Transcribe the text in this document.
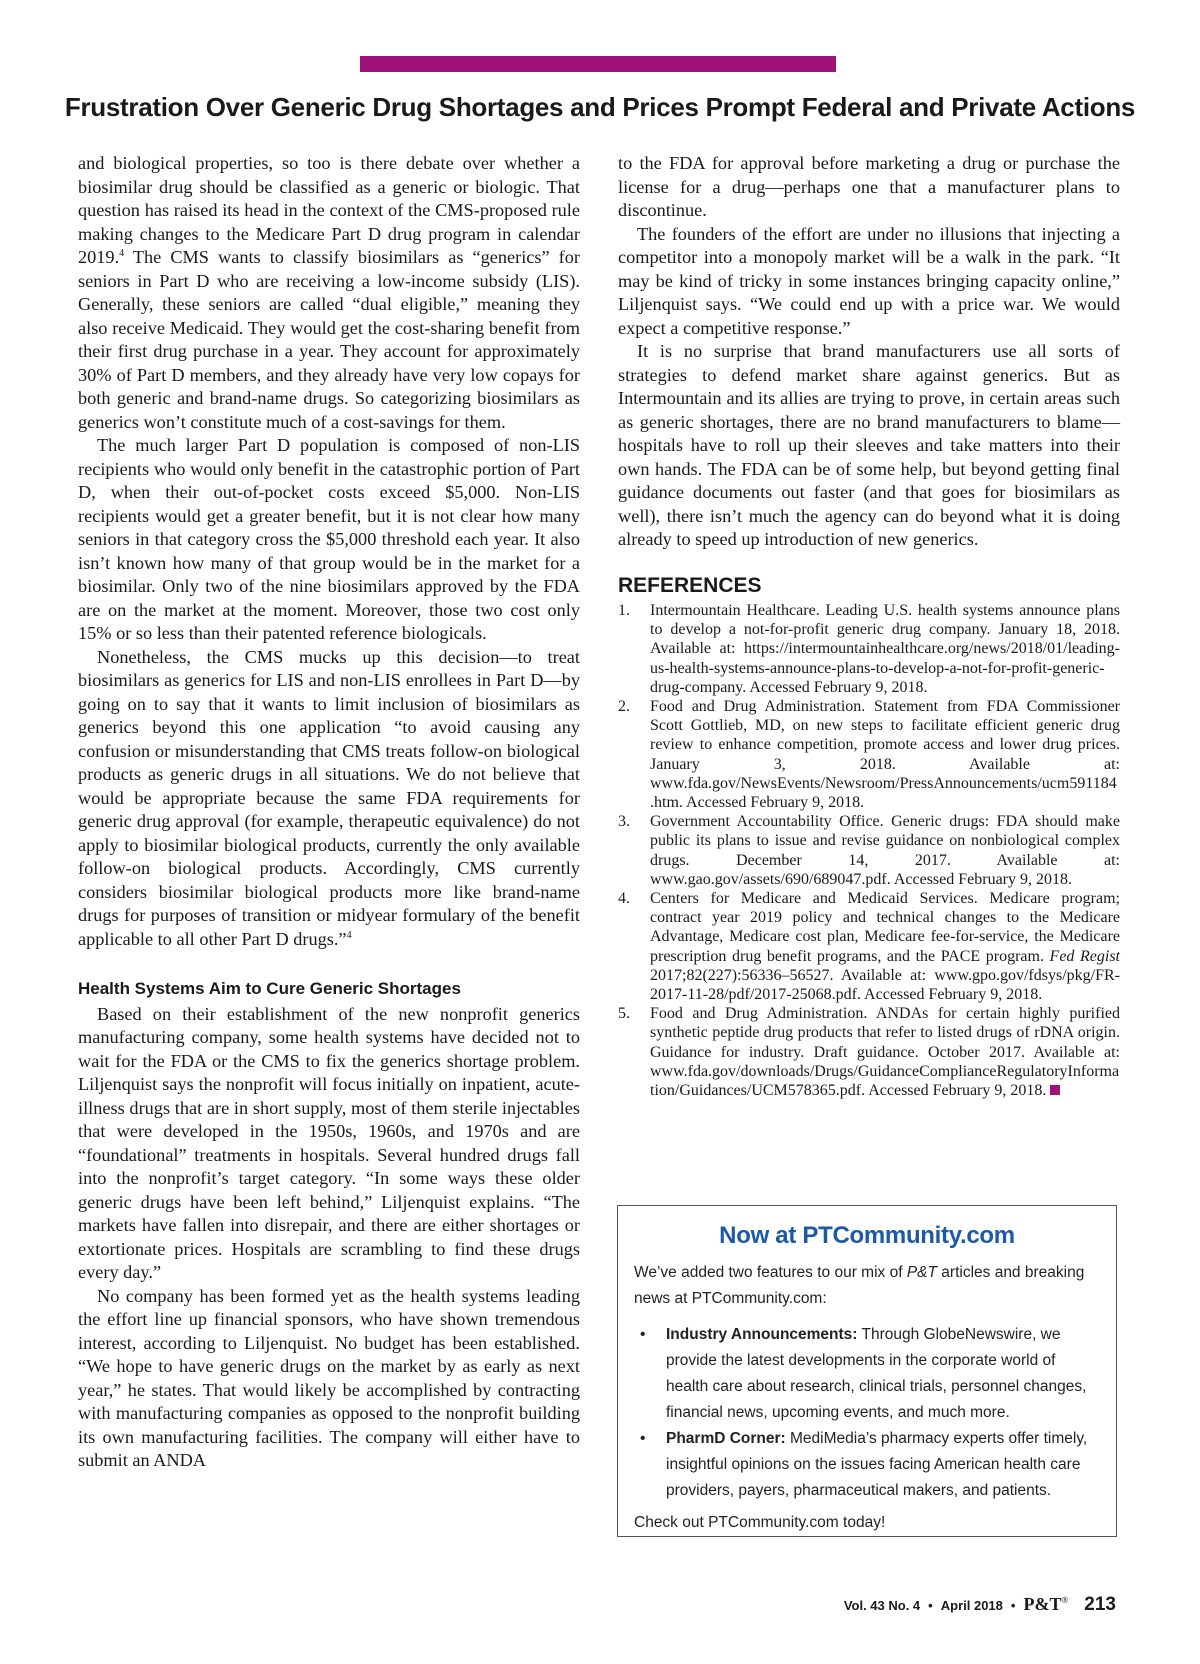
Frustration Over Generic Drug Shortages and Prices Prompt Federal and Private Actions

and biological properties, so too is there debate over whether a biosimilar drug should be classified as a generic or biologic. That question has raised its head in the context of the CMS-proposed rule making changes to the Medicare Part D drug program in calendar 2019.$^4$ The CMS wants to classify biosimilars as “generics” for seniors in Part D who are receiving a low-income subsidy (LIS). Generally, these seniors are called “dual eligible,” meaning they also receive Medicaid. They would get the cost-sharing benefit from their first drug purchase in a year. They account for approximately 30% of Part D members, and they already have very low copays for both generic and brand-name drugs. So categorizing biosimilars as generics won’t constitute much of a cost-savings for them.

The much larger Part D population is composed of non-LIS recipients who would only benefit in the catastrophic portion of Part D, when their out-of-pocket costs exceed $5,000. Non-LIS recipients would get a greater benefit, but it is not clear how many seniors in that category cross the $5,000 threshold each year. It also isn’t known how many of that group would be in the market for a biosimilar. Only two of the nine biosimilars approved by the FDA are on the market at the moment. Moreover, those two cost only 15% or so less than their patented reference biologicals.

Nonetheless, the CMS mucks up this decision—to treat biosimilars as generics for LIS and non-LIS enrollees in Part D—by going on to say that it wants to limit inclusion of biosimilars as generics beyond this one application “to avoid causing any confusion or misunderstanding that CMS treats follow-on biological products as generic drugs in all situations. We do not believe that would be appropriate because the same FDA requirements for generic drug approval (for example, therapeutic equivalence) do not apply to biosimilar biological products, currently the only available follow-on biological products. Accordingly, CMS currently considers biosimilar biological products more like brand-name drugs for purposes of transition or midyear formulary of the benefit applicable to all other Part D drugs.”$^4$

Health Systems Aim to Cure Generic Shortages

Based on their establishment of the new nonprofit generics manufacturing company, some health systems have decided not to wait for the FDA or the CMS to fix the generics shortage problem. Liljenquist says the nonprofit will focus initially on inpatient, acute-illness drugs that are in short supply, most of them sterile injectables that were developed in the 1950s, 1960s, and 1970s and are “foundational” treatments in hospitals. Several hundred drugs fall into the nonprofit’s target category. “In some ways these older generic drugs have been left behind,” Liljenquist explains. “The markets have fallen into disrepair, and there are either shortages or extortionate prices. Hospitals are scrambling to find these drugs every day.”

No company has been formed yet as the health systems leading the effort line up financial sponsors, who have shown tremendous interest, according to Liljenquist. No budget has been established. “We hope to have generic drugs on the market by as early as next year,” he states. That would likely be accomplished by contracting with manufacturing companies as opposed to the nonprofit building its own manufacturing facilities. The company will either have to submit an ANDA

to the FDA for approval before marketing a drug or purchase the license for a drug—perhaps one that a manufacturer plans to discontinue.

The founders of the effort are under no illusions that injecting a competitor into a monopoly market will be a walk in the park. “It may be kind of tricky in some instances bringing capacity online,” Liljenquist says. “We could end up with a price war. We would expect a competitive response.”

It is no surprise that brand manufacturers use all sorts of strategies to defend market share against generics. But as Intermountain and its allies are trying to prove, in certain areas such as generic shortages, there are no brand manufacturers to blame—hospitals have to roll up their sleeves and take matters into their own hands. The FDA can be of some help, but beyond getting final guidance documents out faster (and that goes for biosimilars as well), there isn’t much the agency can do beyond what it is doing already to speed up introduction of new generics.

REFERENCES
1.	Intermountain Healthcare. Leading U.S. health systems announce plans to develop a not-for-profit generic drug company. January 18, 2018. Available at: https://intermountainhealthcare.org/news/2018/01/leading-us-health-systems-announce-plans-to-develop-a-not-for-profit-generic-drug-company. Accessed February 9, 2018.
2.	Food and Drug Administration. Statement from FDA Commissioner Scott Gottlieb, MD, on new steps to facilitate efficient generic drug review to enhance competition, promote access and lower drug prices. January 3, 2018. Available at: www.fda.gov/NewsEvents/Newsroom/PressAnnouncements/ucm591184.htm. Accessed February 9, 2018.
3.	Government Accountability Office. Generic drugs: FDA should make public its plans to issue and revise guidance on nonbiological complex drugs. December 14, 2017. Available at: www.gao.gov/assets/690/689047.pdf. Accessed February 9, 2018.
4.	Centers for Medicare and Medicaid Services. Medicare program; contract year 2019 policy and technical changes to the Medicare Advantage, Medicare cost plan, Medicare fee-for-service, the Medicare prescription drug benefit programs, and the PACE program. Fed Regist 2017;82(227):56336–56527. Available at: www.gpo.gov/fdsys/pkg/FR-2017-11-28/pdf/2017-25068.pdf. Accessed February 9, 2018.
5.	Food and Drug Administration. ANDAs for certain highly purified synthetic peptide drug products that refer to listed drugs of rDNA origin. Guidance for industry. Draft guidance. October 2017. Available at: www.fda.gov/downloads/Drugs/GuidanceComplianceRegulatoryInformation/Guidances/UCM578365.pdf. Accessed February 9, 2018.
Now at PTCommunity.com
We’ve added two features to our mix of P&T articles and breaking news at PTCommunity.com:
•	Industry Announcements: Through GlobeNewswire, we provide the latest developments in the corporate world of health care about research, clinical trials, personnel changes, financial news, upcoming events, and much more.
•	PharmD Corner: MediMedia’s pharmacy experts offer timely, insightful opinions on the issues facing American health care providers, payers, pharmaceutical makers, and patients.
Check out PTCommunity.com today!
Vol. 43 No. 4 • April 2018 • P&T® 213
